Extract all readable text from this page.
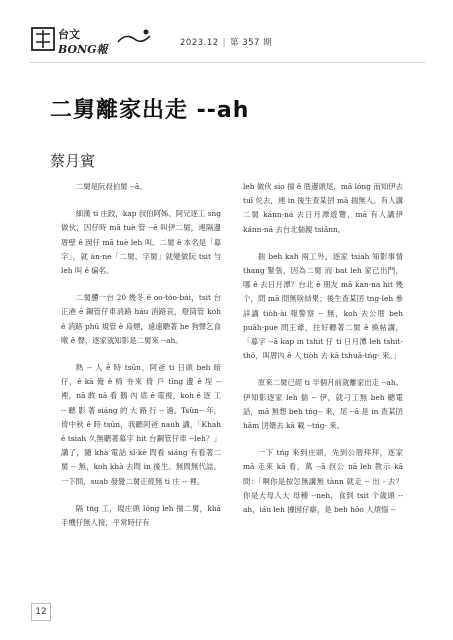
台文
BONG報	2023.12 | 第 357 期
二舅離家出走 --ah
蔡月賓

二舅是阮叔伯舅 --ā。

細漢 ti 庄跤，kap 叔伯阿姊、阿兄逐工 sńg 做伙，因仔時 mā tuè 管 --ê 叫伊二舅，連隔邊厝壁 ê 囡仔 mā tuè leh 叫。二舅 ê 本名是「募字」，就 án-ne「二舅、字舅」就變做阮 tsit 勻 leh 叫 ê 偏名。

二舅戇一台 20 幾冬 ê oo-tóo-bái，tsit 台正港 ê 鋼管仔車消路 háu 消路哀，燈筒管 koh ê 消路 phū 規管 ê 烏煙，遠遠聽著 he 狗聲乞食喉 ê 聲，逐家就知影是二舅來 --ah。

熱 -- 人 ê 時 tsūn，阿爸 ti 日頭 beh 暗仔，ê kā 俺 ê 椅 夯來 倚 戶 tīng 邊 ê 埕 -- 裡，nā 敢 nā 看 鵝 內 底 ê 電視，koh ê 逐 工 -- 聽 影 著 siáng 的 大 路 行 -- 過。Tsûn-- 年，倚中秋 ê 時 tsūn，我聽阿爸 nauh 講，「Khah ê tsiah 久無聽著募字 hit 台鋼管仔車 --leh？」講了，隨 khà 電話 sî-kè 問看 siáng 有看著二舅 -- 無，koh khà 去問 in 後生。無問無代誌，一下問，suah 發覺二舅正經無 ti 庄 -- 裡。

隔 tńg 工，規庄頭 lóng leh 揣二舅，khà 手機仔無人接，平常時仔有

leh 做伙 sio 揣 ê 厝邊頭尾，mā lóng 而知伊去 tuī 佗去，連 in 後生查某囝 mā 揣無人。有人講二舅 kánn-ná 去日月潭遊覽，mā 有人講伊 kánn-ná 去台北揣親 tsiânn。

揣 beh kah 兩工外，逐家 tsiah 知影事情 thang 緊張，因為二舅 而 bat leh 家己出門，哪 ê 去日月潭？台北 ê 朋友 mā kan-na hit 幾 个，問 mā 問無啥結果；後生查某囝 tng-leh 參詳講 tiòh-ài 報警察 -- 無，koh 去公厝 beh puâh-pue 問王爺，拄好聽著二舅 ê 換帖講，「募字 --ā kap in tshit 仔 ti 日月潭 leh tshit-thô，叫厝內 ê 人 tiòh 去 kā tshuā-tńg- 來。」

原來二舅已經 ti 半個月前就離家出走 --ah。伊知影逐家 leh 揣 -- 伊，就刁工無 beh 聽電話，mā 無想 beh tńg-- 來，尾 --ā 是 in 查某囝 hām 囝婿去 kā 載 --tńg- 來。

一下 tńg 來到庄頭，先到公厝拜拜，逐家 mā 走來 kā 看，萬 --ā 叔公 nā leh 教示 kā 問：「啊你是按怎無講無 tànn 就走 -- 出 - 去？你是大母人大 母種 --neh，食到 tsit 个歲頭 --ah，iáu leh 據囡仔癖，是 beh hōo 人煩惱 --

12
